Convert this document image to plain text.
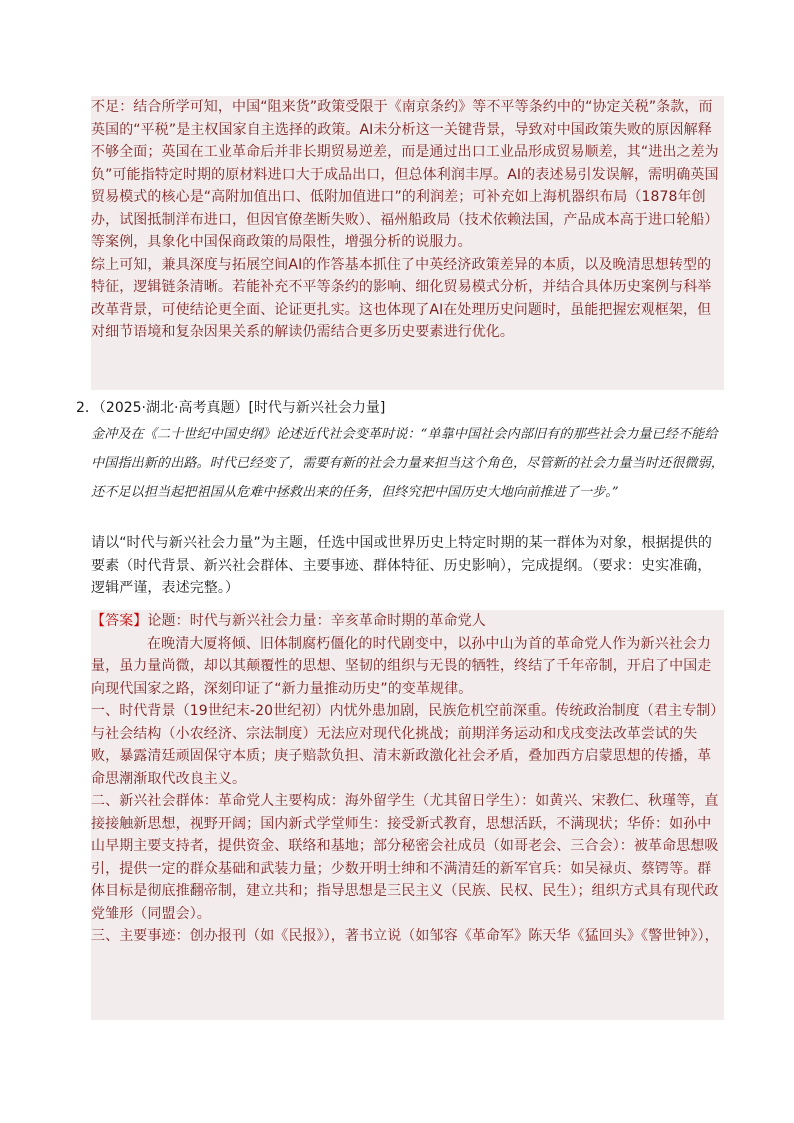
不足：结合所学可知，中国“阻来货”政策受限于《南京条约》等不平等条约中的“协定关税”条款，而英国的“平税”是主权国家自主选择的政策。AI未分析这一关键背景，导致对中国政策失败的原因解释不够全面；英国在工业革命后并非长期贸易逆差，而是通过出口工业品形成贸易顺差，其“进出之差为负”可能指特定时期的原材料进口大于成品出口，但总体利润丰厚。AI的表述易引发误解，需明确英国贸易模式的核心是“高附加值出口、低附加值进口”的利润差；可补充如上海机器织布局（1878年创办，试图抵制洋布进口，但因官僚垄断失败）、福州船政局（技术依赖法国，产品成本高于进口轮船）等案例，具象化中国保商政策的局限性，增强分析的说服力。

综上可知，兼具深度与拓展空间AI的作答基本抓住了中英经济政策差异的本质，以及晚清思想转型的特征，逻辑链条清晰。若能补充不平等条约的影响、细化贸易模式分析，并结合具体历史案例与科举改革背景，可使结论更全面、论证更扎实。这也体现了AI在处理历史问题时，虽能把握宏观框架，但对细节语境和复杂因果关系的解读仍需结合更多历史要素进行优化。

2．（2025·湖北·高考真题）[时代与新兴社会力量]
金冲及在《二十世纪中国史纲》论述近代社会变革时说：“单靠中国社会内部旧有的那些社会力量已经不能给中国指出新的出路。时代已经变了，需要有新的社会力量来担当这个角色，尽管新的社会力量当时还很微弱，还不足以担当起把祖国从危难中拯救出来的任务，但终究把中国历史大地向前推进了一步。”
请以“时代与新兴社会力量”为主题，任选中国或世界历史上特定时期的某一群体为对象，根据提供的要素（时代背景、新兴社会群体、主要事迹、群体特征、历史影响），完成提纲。（要求：史实准确，逻辑严谨，表述完整。）

【答案】论题：时代与新兴社会力量：辛亥革命时期的革命党人

在晚清大厦将倾、旧体制腐朽僵化的时代剧变中，以孙中山为首的革命党人作为新兴社会力量，虽力量尚微，却以其颠覆性的思想、坚韧的组织与无畏的牺牲，终结了千年帝制，开启了中国走向现代国家之路，深刻印证了“新力量推动历史”的变革规律。

一、时代背景（19世纪末-20世纪初）内忧外患加剧，民族危机空前深重。传统政治制度（君主专制）与社会结构（小农经济、宗法制度）无法应对现代化挑战；前期洋务运动和戊戌变法改革尝试的失败，暴露清廷顽固保守本质；庚子赔款负担、清末新政激化社会矛盾，叠加西方启蒙思想的传播，革命思潮渐取代改良主义。

二、新兴社会群体：革命党人主要构成：海外留学生（尤其留日学生）：如黄兴、宋教仁、秋瑾等，直接接触新思想，视野开阔；国内新式学堂师生：接受新式教育，思想活跃，不满现状；华侨：如孙中山早期主要支持者，提供资金、联络和基地；部分秘密会社成员（如哥老会、三合会）：被革命思想吸引，提供一定的群众基础和武装力量；少数开明士绅和不满清廷的新军官兵：如吴禄贞、蔡锷等。群体目标是彻底推翻帝制，建立共和；指导思想是三民主义（民族、民权、民生）；组织方式具有现代政党雏形（同盟会）。

三、主要事迹：创办报刊（如《民报》），著书立说（如邹容《革命军》陈天华《猛回头》《警世钟》），
